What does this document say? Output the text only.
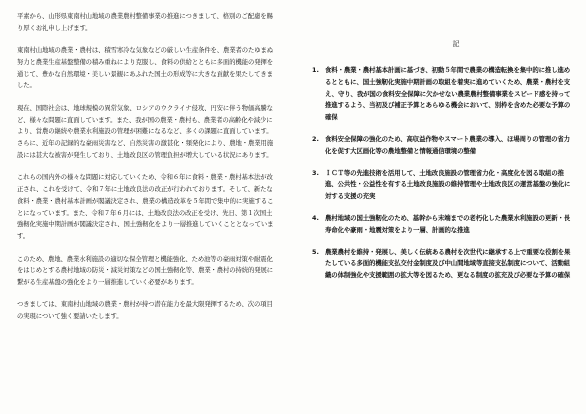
平素から、山形県東南村山地域の農業農村整備事業の推進につきまして、格別のご配慮を賜り厚くお礼申し上げます。

東南村山地域の農業・農村は、積雪寒冷な気象などの厳しい生産条件を、農業者のたゆまぬ努力と農業生産基盤整備の積み重ねにより克服し、食料の供給とともに多面的機能の発揮を通じて、豊かな自然環境・美しい景観にあふれた国土の形成等に大きな貢献を果たしてきました。

現在、国際社会は、地球規模の異常気象、ロシアのウクライナ侵攻、円安に伴う物価高騰など、様々な問題に直面しています。また、我が国の農業・農村も、農業者の高齢化や減少により、営農の継続や農業水利施設の管理が困難になるなど、多くの課題に直面しています。さらに、近年の記録的な豪雨災害など、自然災害の激甚化・頻発化により、農地・農業用施設には甚大な被害が発生しており、土地改良区の管理負担が増大している状況にあります。

これらの国内外の様々な問題に対応していくため、令和６年に食料・農業・農村基本法が改正され、これを受けて、令和７年に土地改良法の改正が行われております。そして、新たな食料・農業・農村基本計画が閣議決定され、農業の構造改革を５年間で集中的に実施することになっています。また、令和７年６月には、土地改良法の改正を受け、先日、第１次国土強靭化実施中期計画が閣議決定され、国土強靭化をより一層推進していくこととなっています。

このため、農地、農業水利施設の適切な保全管理と機能強化、ため池等の豪雨対策や耐震化をはじめとする農村地域の防災・減災対策などの国土強靭化等、農業・農村の持続的発展に繋がる生産基盤の強化をより一層推進していく必要があります。

つきましては、東南村山地域の農業・農村が持つ潜在能力を最大限発揮するため、次の項目の実現について強く要請いたします。

記
1. 食料・農業・農村基本計画に基づき、初動５年間で農業の構造転換を集中的に推し進めるとともに、国土強靭化実施中期計画の取組を着実に進めていくため、農業・農村を支え、守り、我が国の食料安全保障に欠かせない農業農村整備事業をスピード感を持って推進するよう、当初及び補正予算とあらゆる機会において、別枠を含めた必要な予算の確保
2. 食料安全保障の強化のため、高収益作物やスマート農業の導入、ほ場周りの管理の省力化を促す大区画化等の農地整備と情報通信環境の整備
3. ＩＣＴ等の先進技術を活用して、土地改良施設の管理省力化・高度化を図る取組の推進、公共性・公益性を有する土地改良施設の維持管理や土地改良区の運営基盤の強化に対する支援の充実
4. 農村地域の国土強靭化のため、基幹から末端までの老朽化した農業水利施設の更新・長寿命化や豪雨・地震対策をより一層、計画的な推進
5. 農業農村を維持・発展し、美しく伝統ある農村を次世代に継承する上で重要な役割を果たしている多面的機能支払交付金制度及び中山間地域等直接支払制度について、活動組織の体制強化や支援範囲の拡大等を図るため、更なる制度の拡充及び必要な予算の確保
